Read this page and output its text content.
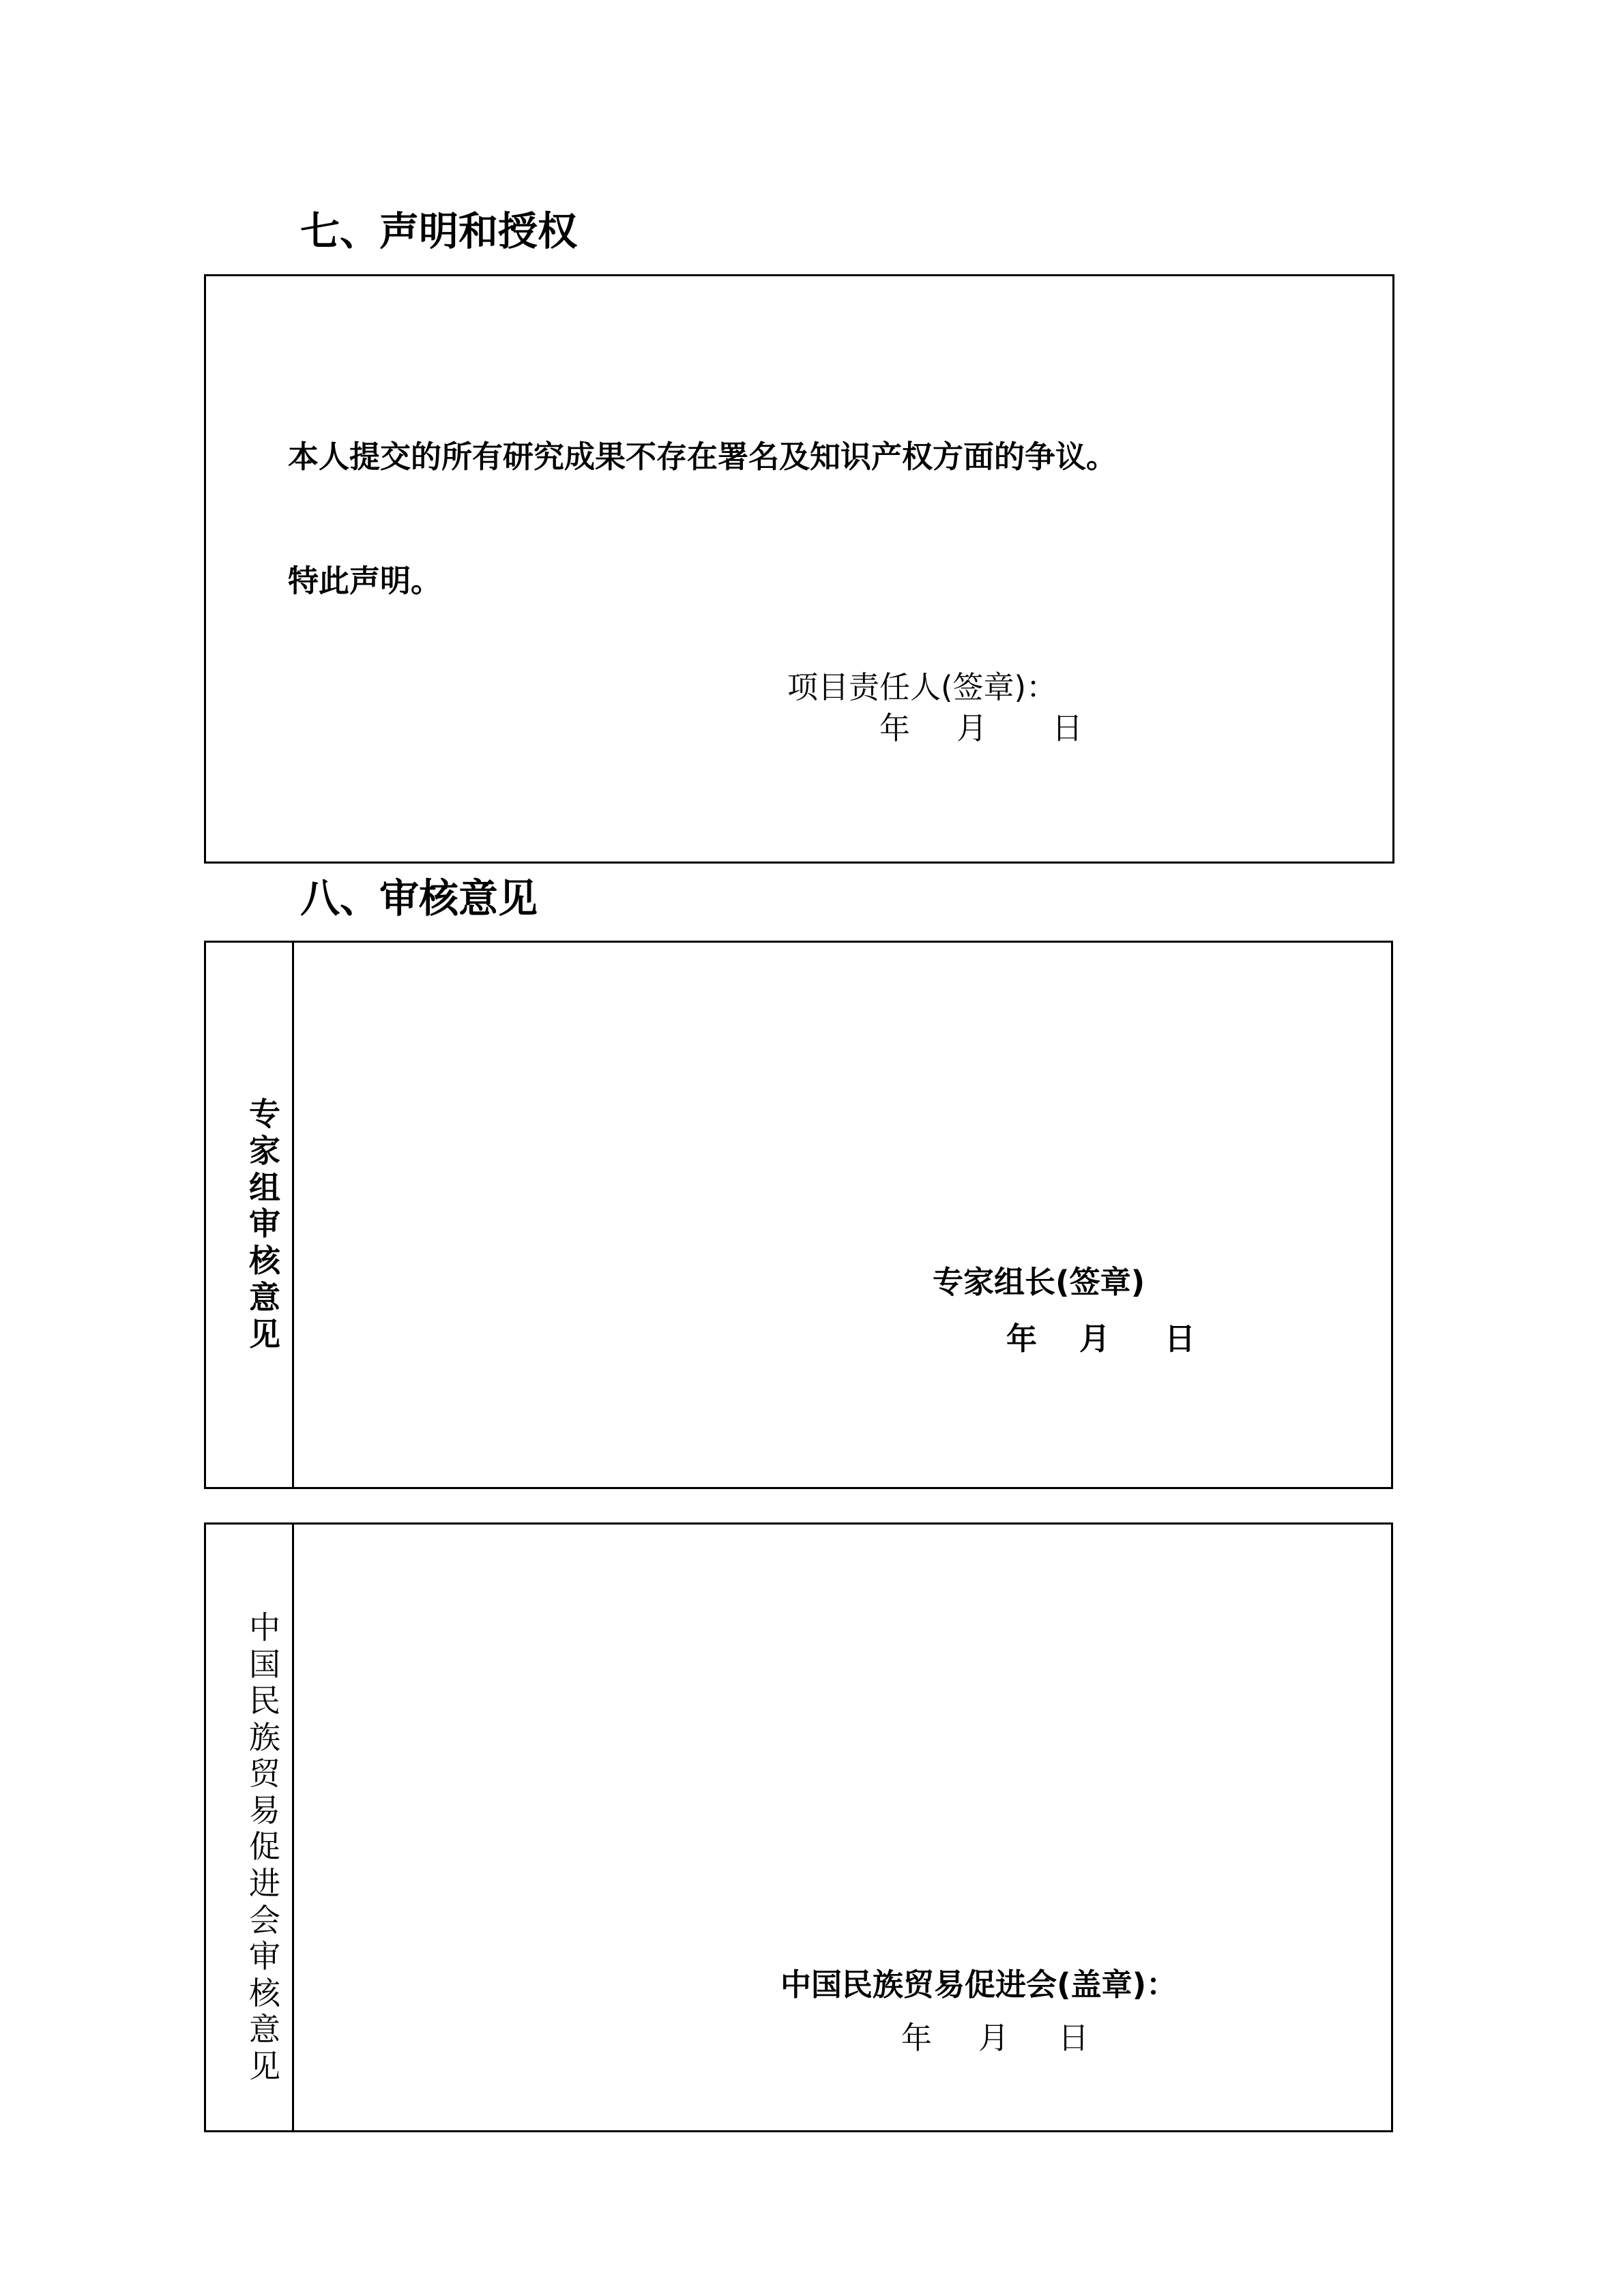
七、声明和授权
本人提交的所有研究成果不存在署名及知识产权方面的争议。
特此声明。
项目责任人(签章)：
年 月 日
八、审核意见
专家组审核意见
专家组长(签章)
年 月 日
中国民族贸易促进会审核意见
中国民族贸易促进会(盖章)：
年 月 日
